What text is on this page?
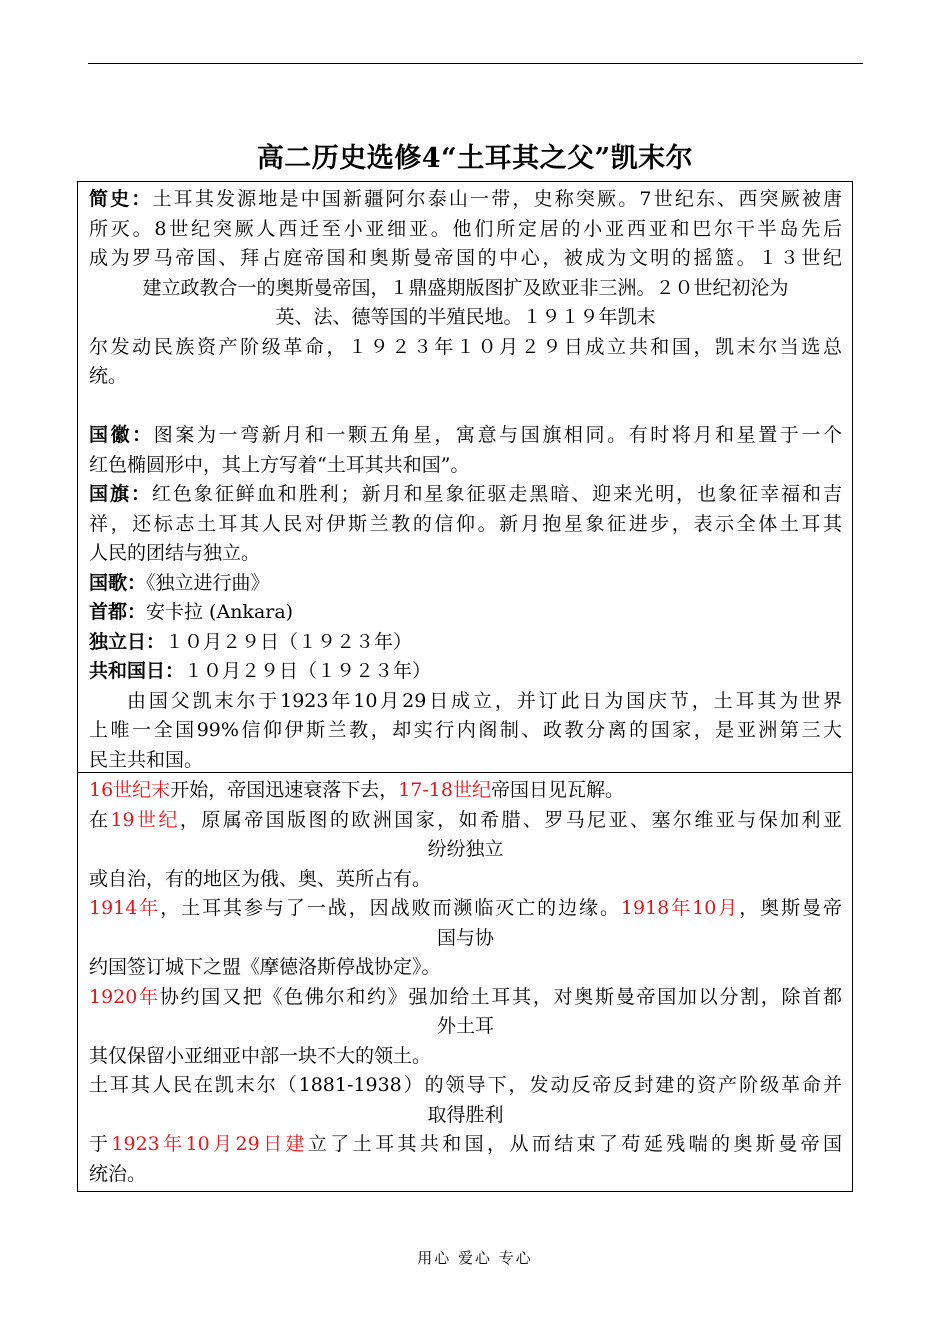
高二历史选修4“土耳其之父”凯末尔
简史：土耳其发源地是中国新疆阿尔泰山一带，史称突厥。7世纪东、西突厥被唐
所灭。8世纪突厥人西迁至小亚细亚。他们所定居的小亚西亚和巴尔干半岛先后
成为罗马帝国、拜占庭帝国和奥斯曼帝国的中心，被成为文明的摇篮。１３世纪
建立政教合一的奥斯曼帝国，１鼎盛期版图扩及欧亚非三洲。２０世纪初沦为
英、法、德等国的半殖民地。１９１９年凯末
尔发动民族资产阶级革命，１９２３年１０月２９日成立共和国，凯末尔当选总
统。
国徽：图案为一弯新月和一颗五角星，寓意与国旗相同。有时将月和星置于一个
红色椭圆形中，其上方写着“土耳其共和国”。
国旗：红色象征鲜血和胜利；新月和星象征驱走黑暗、迎来光明，也象征幸福和吉
祥，还标志土耳其人民对伊斯兰教的信仰。新月抱星象征进步，表示全体土耳其
人民的团结与独立。
国歌：《独立进行曲》
首都：安卡拉 (Ankara)
独立日：１０月２９日（１９２３年）
共和国日：１０月２９日（１９２３年）
由国父凯末尔于1923年10月29日成立，并订此日为国庆节，土耳其为世界
上唯一全国99%信仰伊斯兰教，却实行内阁制、政教分离的国家，是亚洲第三大
民主共和国。
16世纪末开始，帝国迅速衰落下去，17-18世纪帝国日见瓦解。
在19世纪，原属帝国版图的欧洲国家，如希腊、罗马尼亚、塞尔维亚与保加利亚
纷纷独立
或自治，有的地区为俄、奥、英所占有。
1914年，土耳其参与了一战，因战败而濒临灭亡的边缘。1918年10月，奥斯曼帝
国与协
约国签订城下之盟《摩德洛斯停战协定》。
1920年协约国又把《色佛尔和约》强加给土耳其，对奥斯曼帝国加以分割，除首都
外土耳
其仅保留小亚细亚中部一块不大的领土。
土耳其人民在凯末尔（1881-1938）的领导下，发动反帝反封建的资产阶级革命并
取得胜利
于1923年10月29日建立了土耳其共和国，从而结束了苟延残喘的奥斯曼帝国
统治。
用心 爱心 专心
